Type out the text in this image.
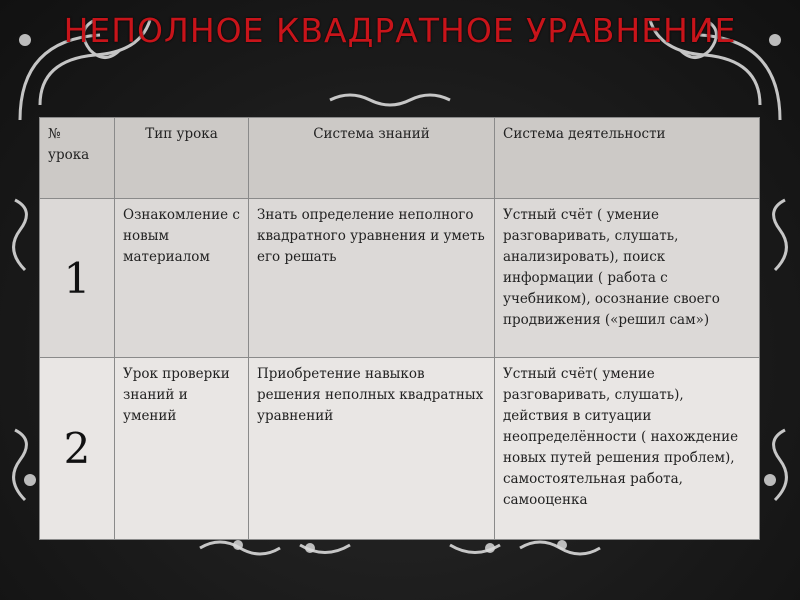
НЕПОЛНОЕ КВАДРАТНОЕ УРАВНЕНИЕ
№ урока	Тип урока	Система знаний	Система деятельности
1	Ознакомление с новым материалом	Знать определение неполного квадратного уравнения и уметь его решать	Устный счёт ( умение разговаривать, слушать, анализировать), поиск информации ( работа с учебником), осознание своего продвижения («решил сам»)
2	Урок проверки знаний и умений	Приобретение навыков решения неполных квадратных уравнений	Устный счёт( умение разговаривать, слушать), действия в ситуации неопределённости ( нахождение новых путей решения проблем), самостоятельная работа, самооценка
